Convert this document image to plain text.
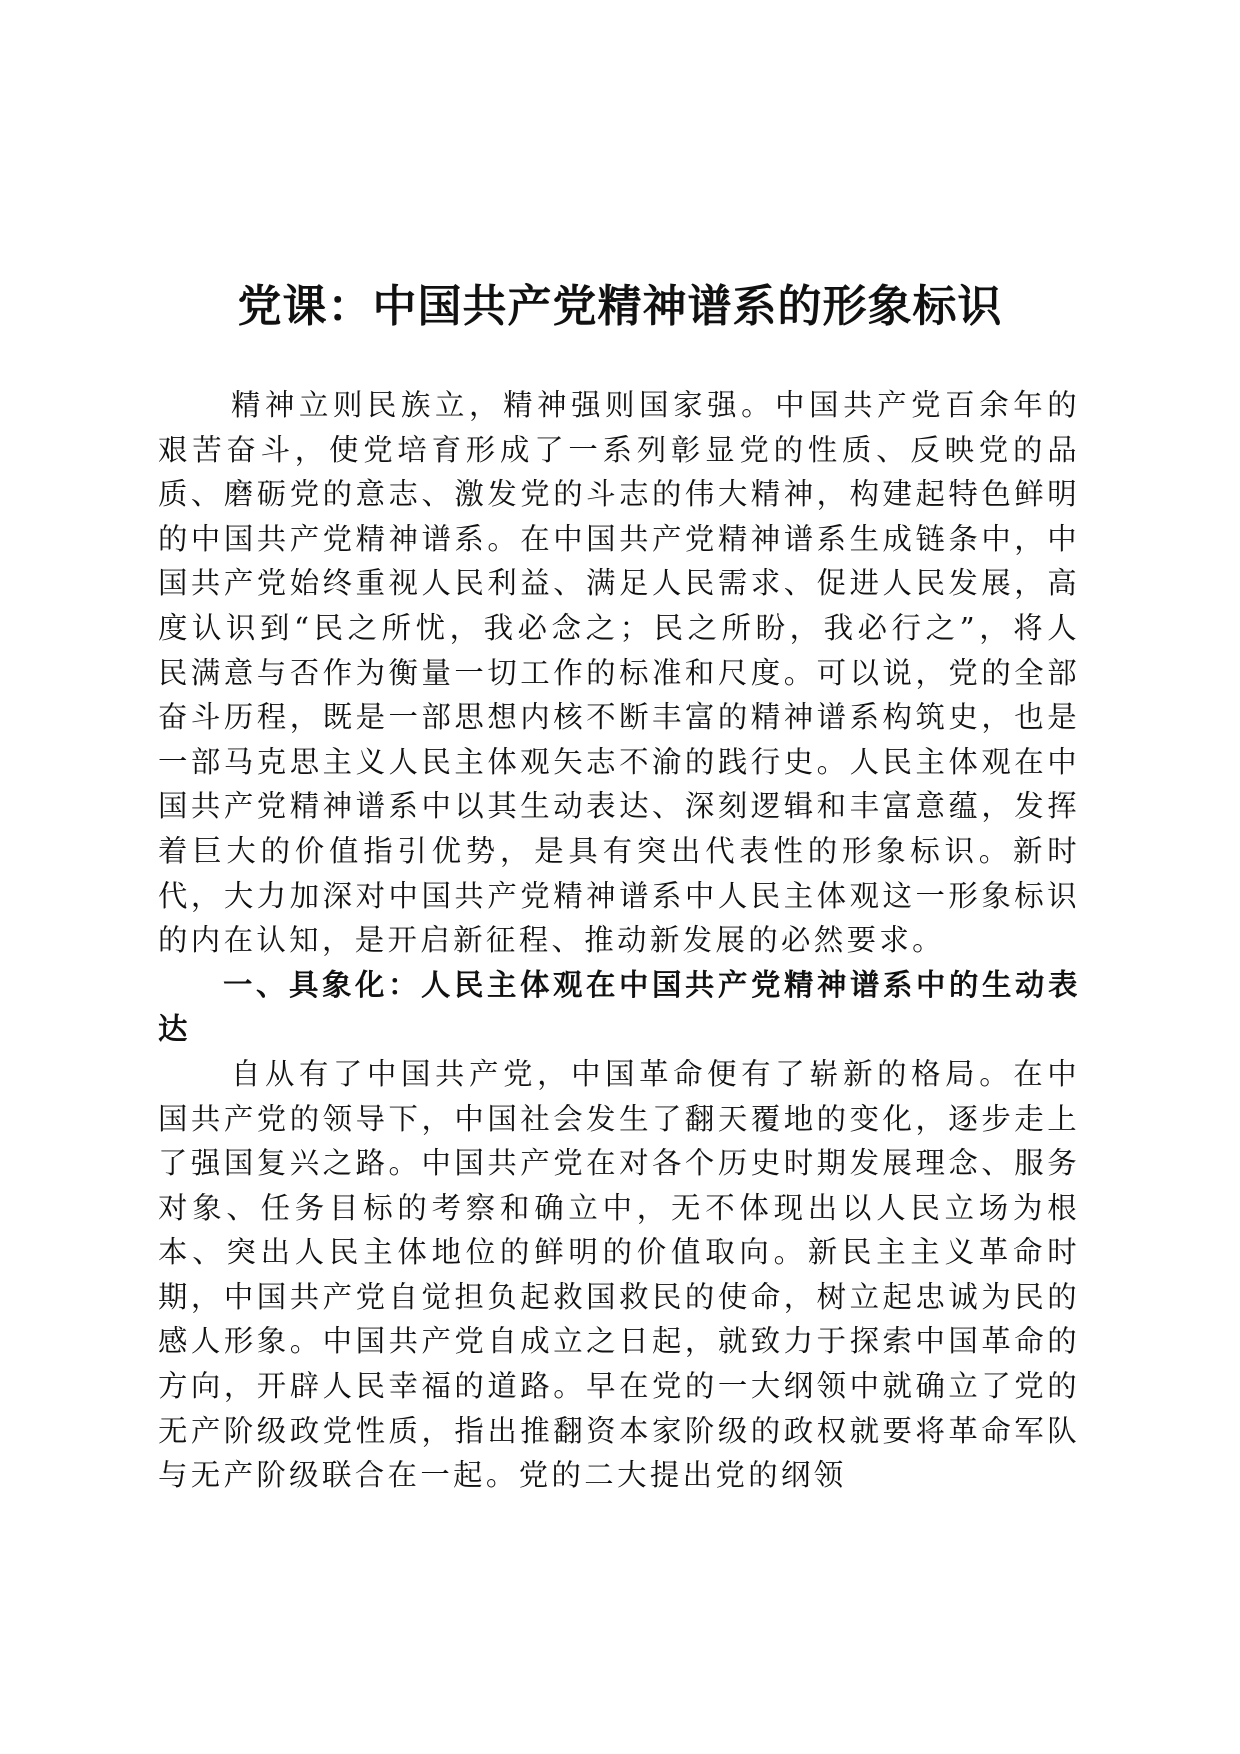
党课：中国共产党精神谱系的形象标识

精神立则民族立，精神强则国家强。中国共产党百余年的艰苦奋斗，使党培育形成了一系列彰显党的性质、反映党的品质、磨砺党的意志、激发党的斗志的伟大精神，构建起特色鲜明的中国共产党精神谱系。在中国共产党精神谱系生成链条中，中国共产党始终重视人民利益、满足人民需求、促进人民发展，高度认识到“民之所忧，我必念之；民之所盼，我必行之”，将人民满意与否作为衡量一切工作的标准和尺度。可以说，党的全部奋斗历程，既是一部思想内核不断丰富的精神谱系构筑史，也是一部马克思主义人民主体观矢志不渝的践行史。人民主体观在中国共产党精神谱系中以其生动表达、深刻逻辑和丰富意蕴，发挥着巨大的价值指引优势，是具有突出代表性的形象标识。新时代，大力加深对中国共产党精神谱系中人民主体观这一形象标识的内在认知，是开启新征程、推动新发展的必然要求。

一、具象化：人民主体观在中国共产党精神谱系中的生动表达

自从有了中国共产党，中国革命便有了崭新的格局。在中国共产党的领导下，中国社会发生了翻天覆地的变化，逐步走上了强国复兴之路。中国共产党在对各个历史时期发展理念、服务对象、任务目标的考察和确立中，无不体现出以人民立场为根本、突出人民主体地位的鲜明的价值取向。新民主主义革命时期，中国共产党自觉担负起救国救民的使命，树立起忠诚为民的感人形象。中国共产党自成立之日起，就致力于探索中国革命的方向，开辟人民幸福的道路。早在党的一大纲领中就确立了党的无产阶级政党性质，指出推翻资本家阶级的政权就要将革命军队与无产阶级联合在一起。党的二大提出党的纲领
